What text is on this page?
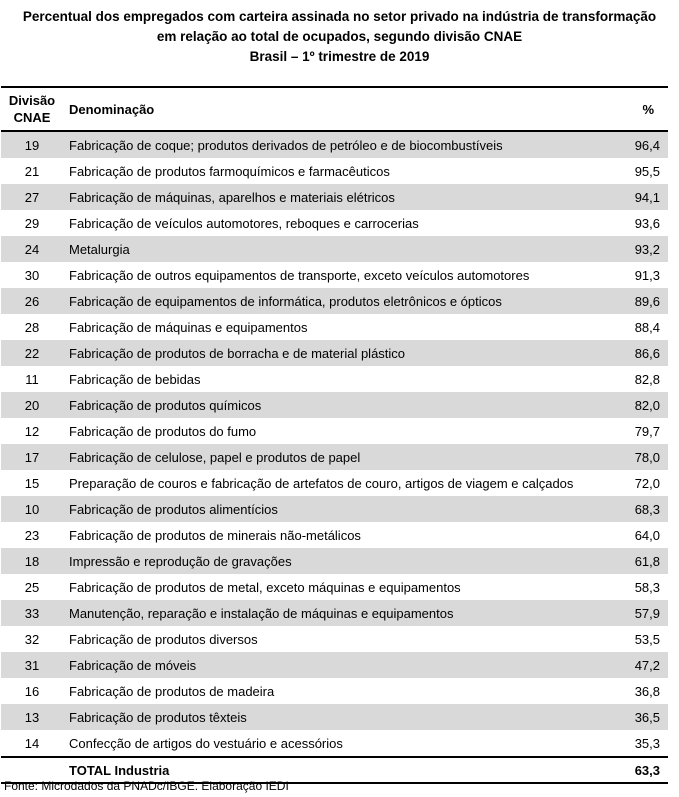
Percentual dos empregados com carteira assinada no setor privado na indústria de transformação
em relação ao total de ocupados, segundo divisão CNAE
Brasil – 1º trimestre de 2019
Divisão
CNAE	Denominação	%
19	Fabricação de coque; produtos derivados de petróleo e de biocombustíveis	96,4
21	Fabricação de produtos farmoquímicos e farmacêuticos	95,5
27	Fabricação de máquinas, aparelhos e materiais elétricos	94,1
29	Fabricação de veículos automotores, reboques e carrocerias	93,6
24	Metalurgia	93,2
30	Fabricação de outros equipamentos de transporte, exceto veículos automotores	91,3
26	Fabricação de equipamentos de informática, produtos eletrônicos e ópticos	89,6
28	Fabricação de máquinas e equipamentos	88,4
22	Fabricação de produtos de borracha e de material plástico	86,6
11	Fabricação de bebidas	82,8
20	Fabricação de produtos químicos	82,0
12	Fabricação de produtos do fumo	79,7
17	Fabricação de celulose, papel e produtos de papel	78,0
15	Preparação de couros e fabricação de artefatos de couro, artigos de viagem e calçados	72,0
10	Fabricação de produtos alimentícios	68,3
23	Fabricação de produtos de minerais não-metálicos	64,0
18	Impressão e reprodução de gravações	61,8
25	Fabricação de produtos de metal, exceto máquinas e equipamentos	58,3
33	Manutenção, reparação e instalação de máquinas e equipamentos	57,9
32	Fabricação de produtos diversos	53,5
31	Fabricação de móveis	47,2
16	Fabricação de produtos de madeira	36,8
13	Fabricação de produtos têxteis	36,5
14	Confecção de artigos do vestuário e acessórios	35,3
	TOTAL Industria	63,3
Fonte: Microdados da PNADc/IBGE. Elaboração IEDI
